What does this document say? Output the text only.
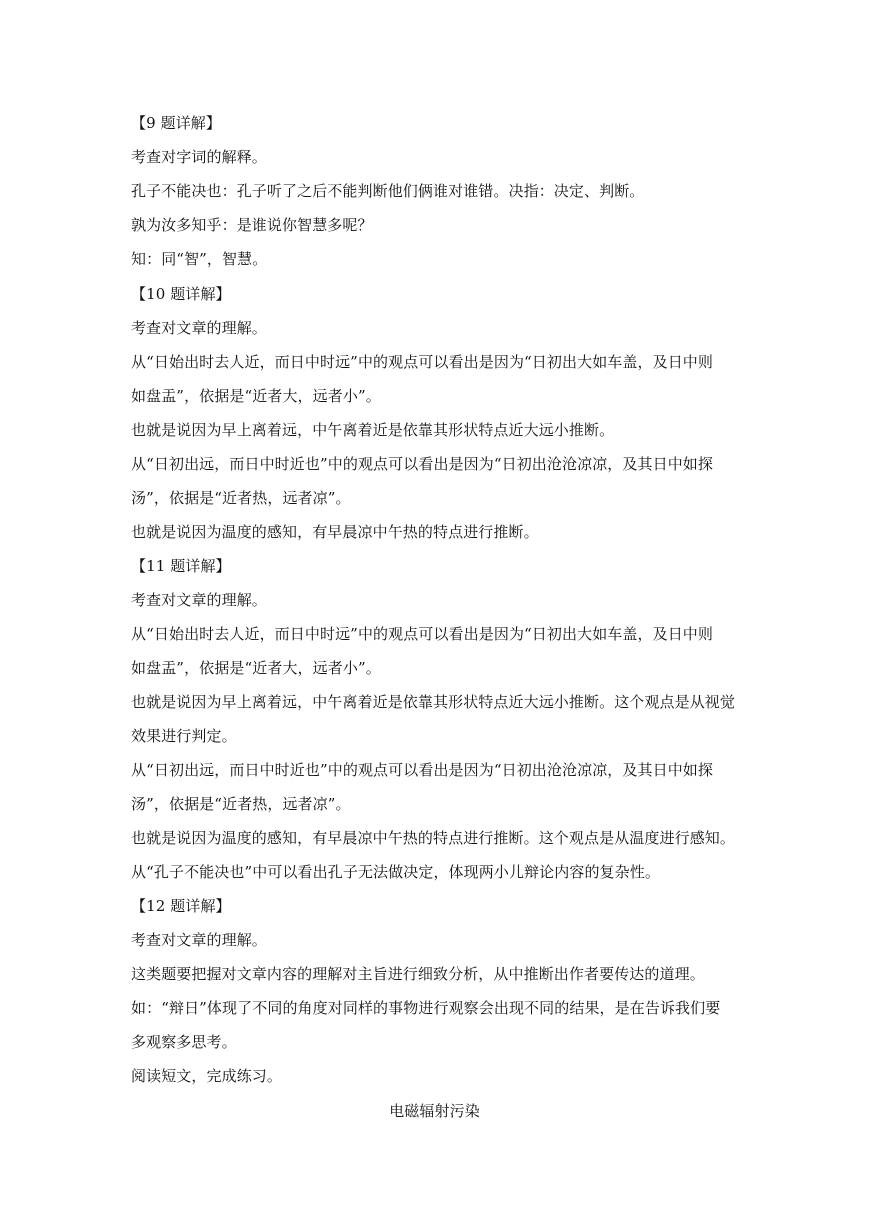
【9 题详解】
考查对字词的解释。
孔子不能决也：孔子听了之后不能判断他们俩谁对谁错。决指：决定、判断。
孰为汝多知乎：是谁说你智慧多呢？
知：同“智”，智慧。
【10 题详解】
考查对文章的理解。
从“日始出时去人近，而日中时远”中的观点可以看出是因为“日初出大如车盖，及日中则
如盘盂”，依据是“近者大，远者小”。
也就是说因为早上离着远，中午离着近是依靠其形状特点近大远小推断。
从“日初出远，而日中时近也”中的观点可以看出是因为“日初出沧沧凉凉，及其日中如探
汤”，依据是“近者热，远者凉”。
也就是说因为温度的感知，有早晨凉中午热的特点进行推断。
【11 题详解】
考查对文章的理解。
从“日始出时去人近，而日中时远”中的观点可以看出是因为“日初出大如车盖，及日中则
如盘盂”，依据是“近者大，远者小”。
也就是说因为早上离着远，中午离着近是依靠其形状特点近大远小推断。这个观点是从视觉
效果进行判定。
从“日初出远，而日中时近也”中的观点可以看出是因为“日初出沧沧凉凉，及其日中如探
汤”，依据是“近者热，远者凉”。
也就是说因为温度的感知，有早晨凉中午热的特点进行推断。这个观点是从温度进行感知。
从“孔子不能决也”中可以看出孔子无法做决定，体现两小儿辩论内容的复杂性。
【12 题详解】
考查对文章的理解。
这类题要把握对文章内容的理解对主旨进行细致分析，从中推断出作者要传达的道理。
如：“辩日”体现了不同的角度对同样的事物进行观察会出现不同的结果，是在告诉我们要
多观察多思考。
阅读短文，完成练习。
电磁辐射污染
